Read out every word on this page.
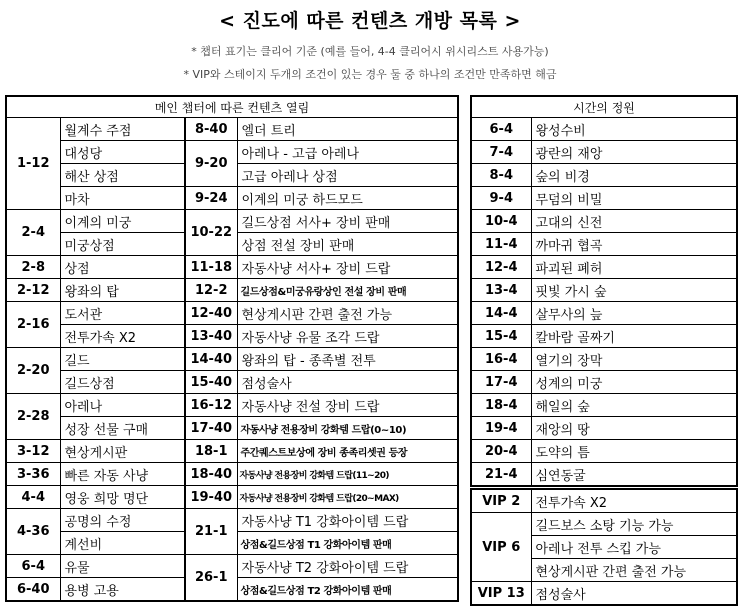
< 진도에 따른 컨텐츠 개방 목록 >
* 챕터 표기는 클리어 기준 (예를 들어, 4-4 클리어시 위시리스트 사용가능)
* VIP와 스테이지 두개의 조건이 있는 경우 둘 중 하나의 조건만 만족하면 해금
메인 챕터에 따른 컨텐츠 열림			
1-12	월계수 주점	8-40	엘더 트리
	대성당	9-20	아레나 - 고급 아레나
	해산 상점		고급 아레나 상점
	마차	9-24	이계의 미궁 하드모드
2-4	이계의 미궁	10-22	길드상점 서사+ 장비 판매
	미궁상점		상점 전설 장비 판매
2-8	상점	11-18	자동사냥 서사+ 장비 드랍
2-12	왕좌의 탑	12-2	길드상점&미궁유랑상인 전설 장비 판매
2-16	도서관	12-40	현상게시판 간편 출전 가능
	전투가속 X2	13-40	자동사냥 유물 조각 드랍
2-20	길드	14-40	왕좌의 탑 - 종족별 전투
	길드상점	15-40	점성술사
2-28	아레나	16-12	자동사냥 전설 장비 드랍
	성장 선물 구매	17-40	자동사냥 전용장비 강화템 드랍(0~10)
3-12	현상게시판	18-1	주간퀘스트보상에 장비 종족리셋권 등장
3-36	빠른 자동 사냥	18-40	자동사냥 전용장비 강화템 드랍(11~20)
4-4	영웅 희망 명단	19-40	자동사냥 전용장비 강화템 드랍(20~MAX)
4-36	공명의 수정	21-1	자동사냥 T1 강화아이템 드랍
	계선비		상점&길드상점 T1 강화아이템 판매
6-4	유물	26-1	자동사냥 T2 강화아이템 드랍
6-40	용병 고용		상점&길드상점 T2 강화아이템 판매
시간의 정원	
6-4	왕성수비
7-4	광란의 재앙
8-4	숲의 비경
9-4	무덤의 비밀
10-4	고대의 신전
11-4	까마귀 협곡
12-4	파괴된 폐허
13-4	핏빛 가시 숲
14-4	살무사의 늪
15-4	칼바람 골짜기
16-4	열기의 장막
17-4	성계의 미궁
18-4	해일의 숲
19-4	재앙의 땅
20-4	도약의 틈
21-4	심연동굴
VIP 2	전투가속 X2
VIP 6	길드보스 소탕 기능 가능
	아레나 전투 스킵 가능
	현상게시판 간편 출전 가능
VIP 13	점성술사
